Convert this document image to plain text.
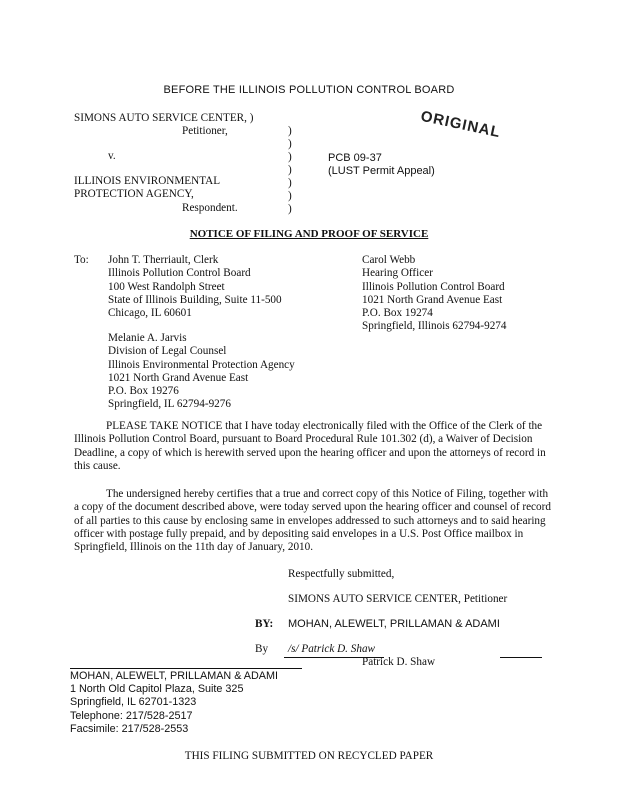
BEFORE THE ILLINOIS POLLUTION CONTROL BOARD
SIMONS AUTO SERVICE CENTER, )
Petitioner,
v.
ILLINOIS ENVIRONMENTAL
PROTECTION AGENCY,
Respondent.
)
)
)
)
)
)
)
PCB 09-37
(LUST Permit Appeal)
ORIGINAL
NOTICE OF FILING AND PROOF OF SERVICE
To: John T. Therriault, Clerk
Illinois Pollution Control Board
100 West Randolph Street
State of Illinois Building, Suite 11-500
Chicago, IL 60601
Carol Webb
Hearing Officer
Illinois Pollution Control Board
1021 North Grand Avenue East
P.O. Box 19274
Springfield, Illinois 62794-9274
Melanie A. Jarvis
Division of Legal Counsel
Illinois Environmental Protection Agency
1021 North Grand Avenue East
P.O. Box 19276
Springfield, IL 62794-9276
PLEASE TAKE NOTICE that I have today electronically filed with the Office of the Clerk of the Illinois Pollution Control Board, pursuant to Board Procedural Rule 101.302 (d), a Waiver of Decision Deadline, a copy of which is herewith served upon the hearing officer and upon the attorneys of record in this cause.
The undersigned hereby certifies that a true and correct copy of this Notice of Filing, together with a copy of the document described above, were today served upon the hearing officer and counsel of record of all parties to this cause by enclosing same in envelopes addressed to such attorneys and to said hearing officer with postage fully prepaid, and by depositing said envelopes in a U.S. Post Office mailbox in Springfield, Illinois on the 11th day of January, 2010.
Respectfully submitted,
SIMONS AUTO SERVICE CENTER, Petitioner
BY: MOHAN, ALEWELT, PRILLAMAN & ADAMI
By /s/ Patrick D. Shaw
Patrick D. Shaw
MOHAN, ALEWELT, PRILLAMAN & ADAMI
1 North Old Capitol Plaza, Suite 325
Springfield, IL 62701-1323
Telephone: 217/528-2517
Facsimile: 217/528-2553
THIS FILING SUBMITTED ON RECYCLED PAPER
